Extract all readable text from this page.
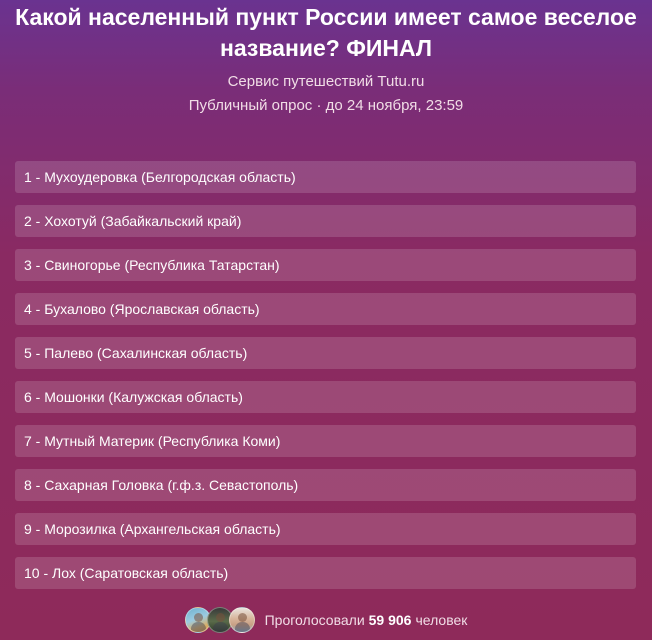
Какой населенный пункт России имеет самое веселое
название? ФИНАЛ
Сервис путешествий Tutu.ru
Публичный опрос · до 24 ноября, 23:59
1 - Мухоудеровка (Белгородская область)
2 - Хохотуй (Забайкальский край)
3 - Свиногорье (Республика Татарстан)
4 - Бухалово (Ярославская область)
5 - Палево (Сахалинская область)
6 - Мошонки (Калужская область)
7 - Мутный Материк (Республика Коми)
8 - Сахарная Головка (г.ф.з. Севастополь)
9 - Морозилка (Архангельская область)
10 - Лох (Саратовская область)
Проголосовали 59 906 человек
